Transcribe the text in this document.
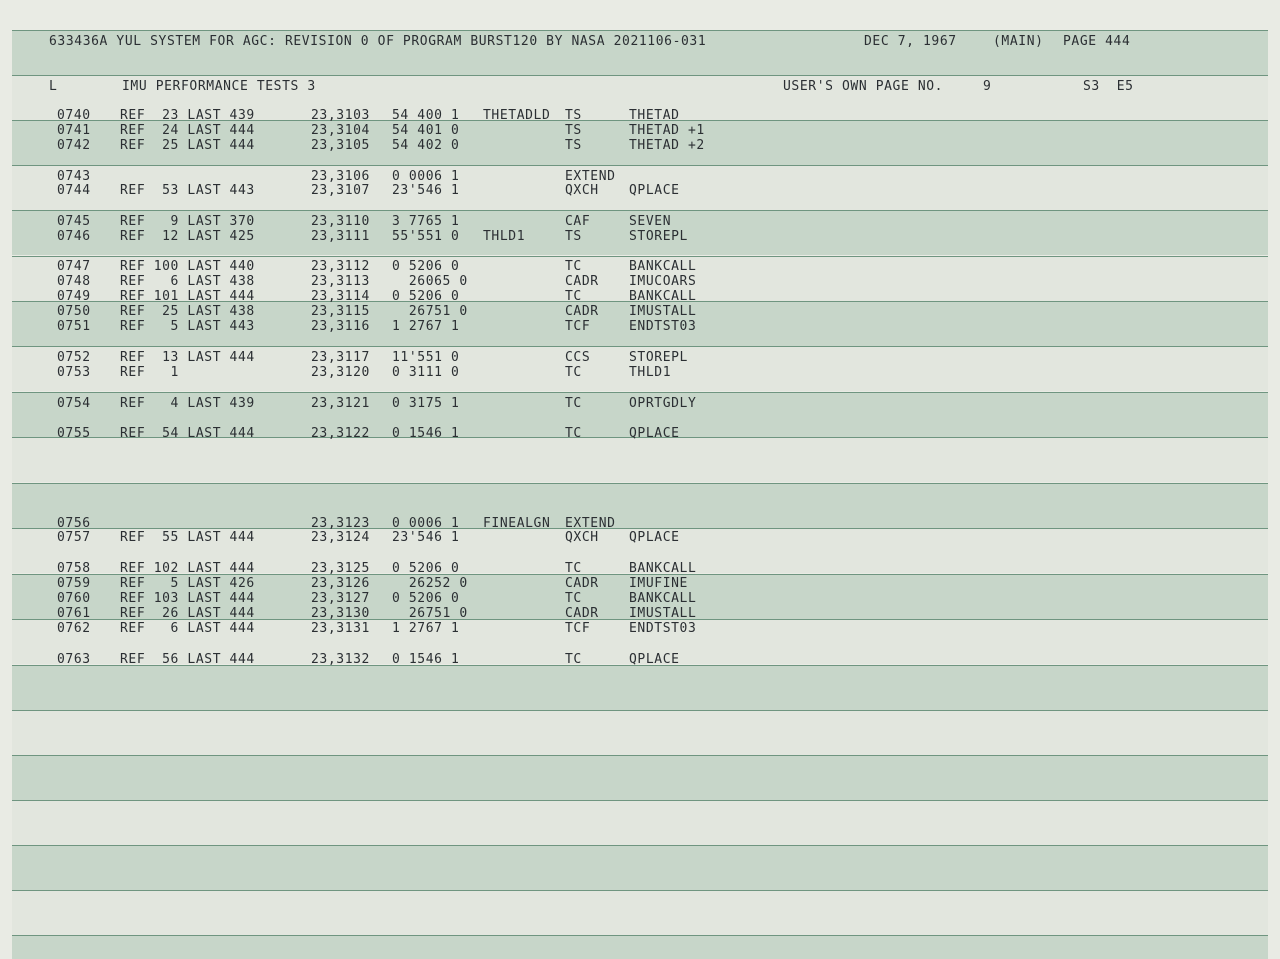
633436A YUL SYSTEM FOR AGC: REVISION 0 OF PROGRAM BURST120 BY NASA 2021106-031	DEC 7, 1967	(MAIN) PAGE 444
L	IMU PERFORMANCE TESTS 3	USER'S OWN PAGE NO.	9	S3  E5
0740 REF  23 LAST 439	23,3103 54 400 1 THETADLD TS	THETAD
0741 REF  24 LAST 444	23,3104 54 401 0	TS	THETAD +1
0742 REF  25 LAST 444	23,3105 54 402 0	TS	THETAD +2
0743	23,3106 0 0006 1	EXTEND
0744 REF  53 LAST 443	23,3107 23'546 1	QXCH QPLACE
0745 REF   9 LAST 370	23,3110 3 7765 1	CAF	SEVEN
0746 REF  12 LAST 425	23,3111 55'551 0 THLD1	TS	STOREPL
0747 REF 100 LAST 440	23,3112 0 5206 0	TC	BANKCALL
0748 REF   6 LAST 438	23,3113 26065 0	CADR IMUCOARS
0749 REF 101 LAST 444	23,3114 0 5206 0	TC	BANKCALL
0750 REF  25 LAST 438	23,3115 26751 0	CADR IMUSTALL
0751 REF   5 LAST 443	23,3116 1 2767 1	TCF	ENDTST03
0752 REF  13 LAST 444	23,3117 11'551 0	CCS	STOREPL
0753 REF   1	23,3120 0 3111 0	TC	THLD1
0754 REF   4 LAST 439	23,3121 0 3175 1	TC	OPRTGDLY
0755 REF  54 LAST 444	23,3122 0 1546 1	TC	QPLACE
0756	23,3123 0 0006 1 FINEALGN EXTEND
0757 REF  55 LAST 444	23,3124 23'546 1	QXCH QPLACE
0758 REF 102 LAST 444	23,3125 0 5206 0	TC	BANKCALL
0759 REF   5 LAST 426	23,3126 26252 0	CADR IMUFINE
0760 REF 103 LAST 444	23,3127 0 5206 0	TC	BANKCALL
0761 REF  26 LAST 444	23,3130 26751 0	CADR IMUSTALL
0762 REF   6 LAST 444	23,3131 1 2767 1	TCF	ENDTST03
0763 REF  56 LAST 444	23,3132 0 1546 1	TC	QPLACE
